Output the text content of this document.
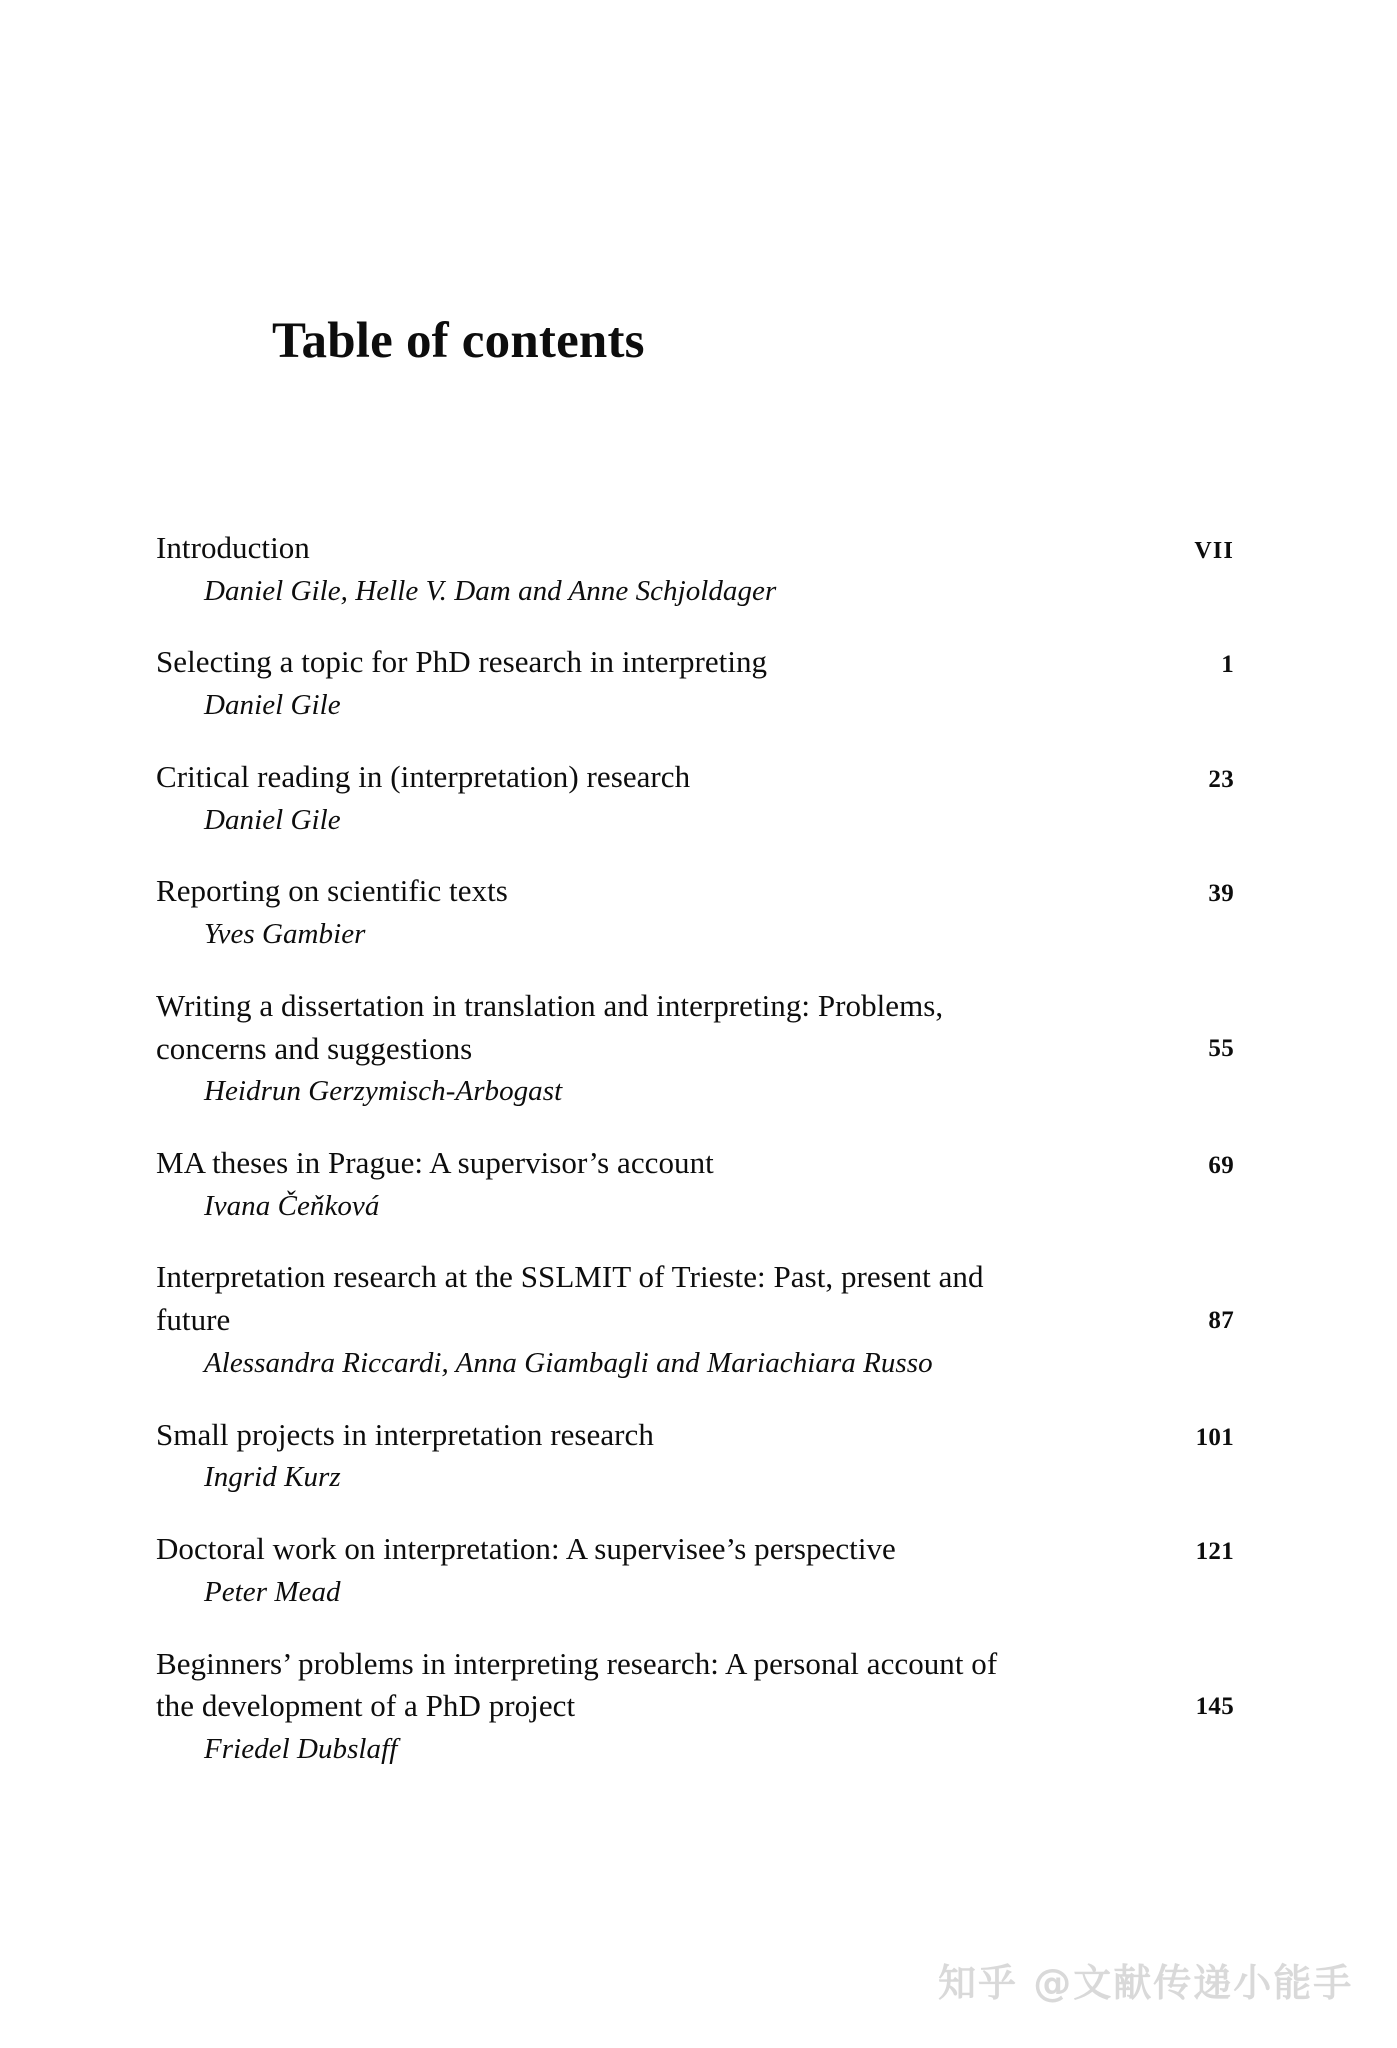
Table of contents
Introduction	VII
Daniel Gile, Helle V. Dam and Anne Schjoldager
Selecting a topic for PhD research in interpreting	1
Daniel Gile
Critical reading in (interpretation) research	23
Daniel Gile
Reporting on scientific texts	39
Yves Gambier
Writing a dissertation in translation and interpreting: Problems, concerns and suggestions	55
Heidrun Gerzymisch-Arbogast
MA theses in Prague: A supervisor’s account	69
Ivana Čeňková
Interpretation research at the SSLMIT of Trieste: Past, present and future	87
Alessandra Riccardi, Anna Giambagli and Mariachiara Russo
Small projects in interpretation research	101
Ingrid Kurz
Doctoral work on interpretation: A supervisee’s perspective	121
Peter Mead
Beginners’ problems in interpreting research: A personal account of the development of a PhD project	145
Friedel Dubslaff
知乎 @文献传递小能手
